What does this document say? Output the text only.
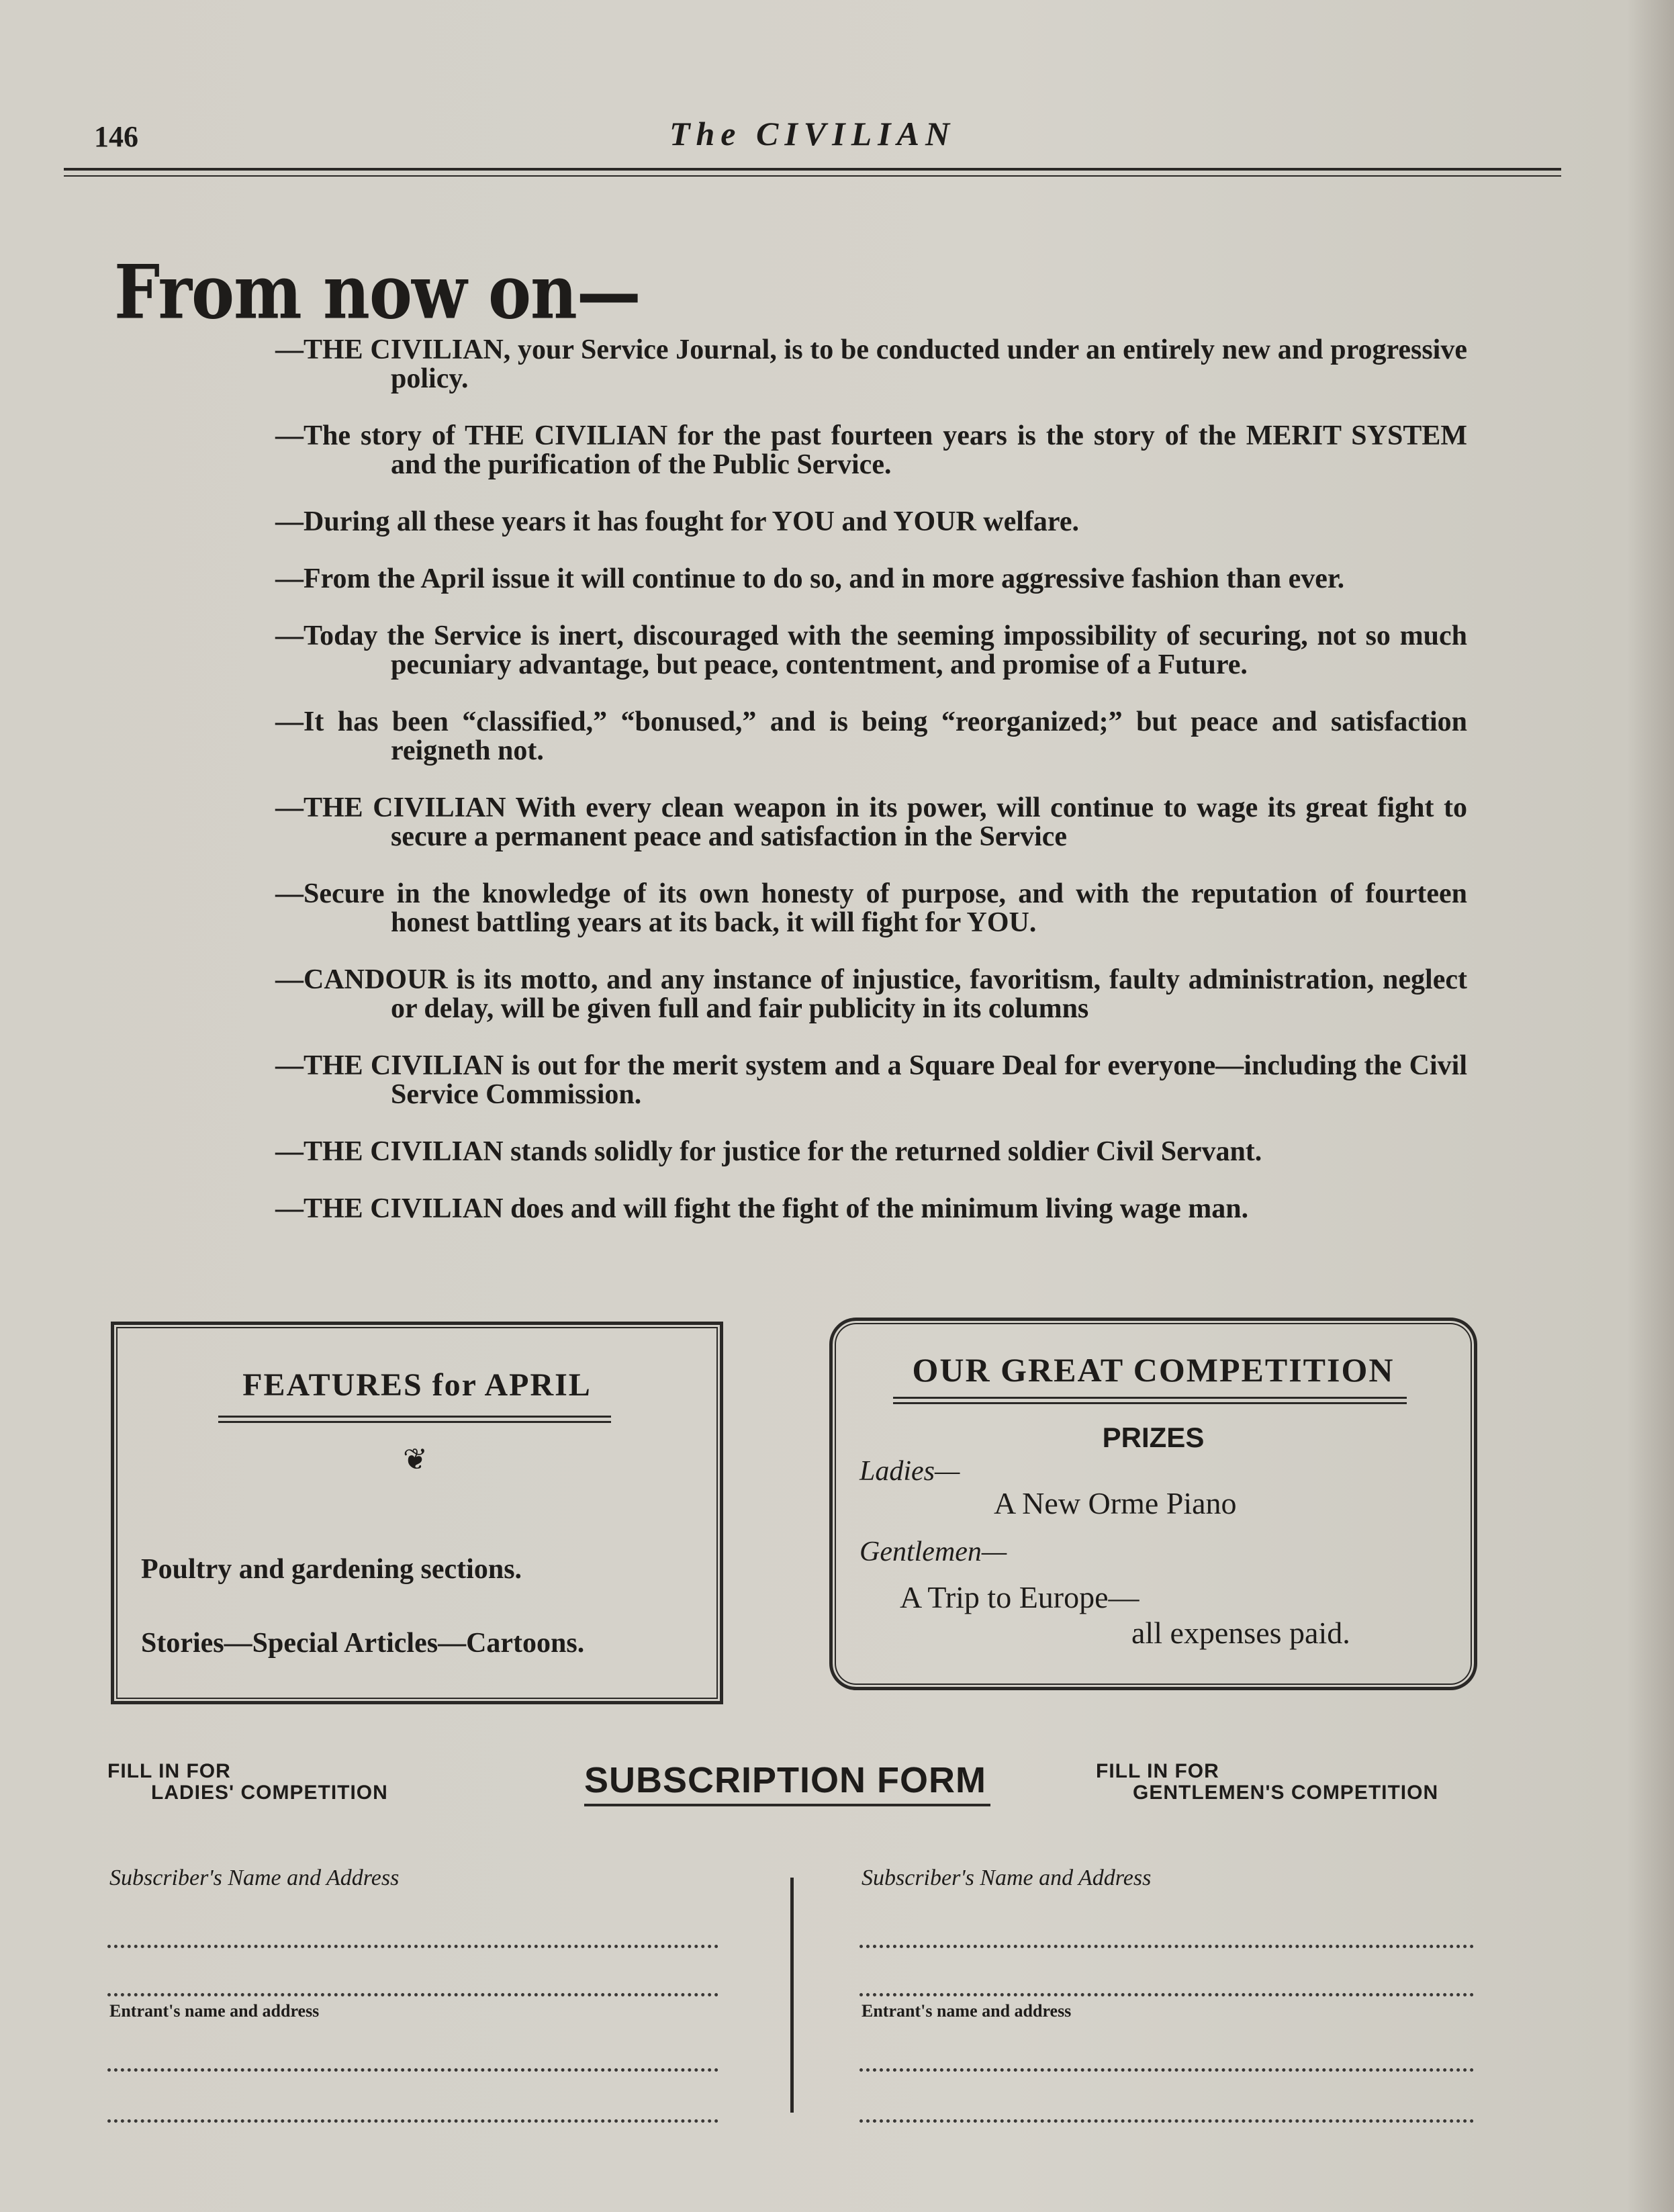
146	The CIVILIAN
From now on—

—THE CIVILIAN, your Service Journal, is to be conducted under an entirely new and progressive policy.

—The story of THE CIVILIAN for the past fourteen years is the story of the MERIT SYSTEM and the purification of the Public Service.

—During all these years it has fought for YOU and YOUR welfare.

—From the April issue it will continue to do so, and in more aggressive fashion than ever.

—Today the Service is inert, discouraged with the seeming impossibility of securing, not so much pecuniary advantage, but peace, contentment, and promise of a Future.

—It has been “classified,” “bonused,” and is being “reorganized;” but peace and satisfaction reigneth not.

—THE CIVILIAN With every clean weapon in its power, will continue to wage its great fight to secure a permanent peace and satisfaction in the Service

—Secure in the knowledge of its own honesty of purpose, and with the reputation of fourteen honest battling years at its back, it will fight for YOU.

—CANDOUR is its motto, and any instance of injustice, favoritism, faulty administration, neglect or delay, will be given full and fair publicity in its columns

—THE CIVILIAN is out for the merit system and a Square Deal for everyone—including the Civil Service Commission.

—THE CIVILIAN stands solidly for justice for the returned soldier Civil Servant.

—THE CIVILIAN does and will fight the fight of the minimum living wage man.

FEATURES for APRIL
❦
Poultry and gardening sections.
Stories—Special Articles—Cartoons.
OUR GREAT COMPETITION
PRIZES
Ladies—
A New Orme Piano
Gentlemen—
A Trip to Europe—
all expenses paid.
FILL IN FOR
LADIES' COMPETITION	SUBSCRIPTION FORM	FILL IN FOR
GENTLEMEN'S COMPETITION
Subscriber's Name and Address
Entrant's name and address
Subscriber's Name and Address
Entrant's name and address
